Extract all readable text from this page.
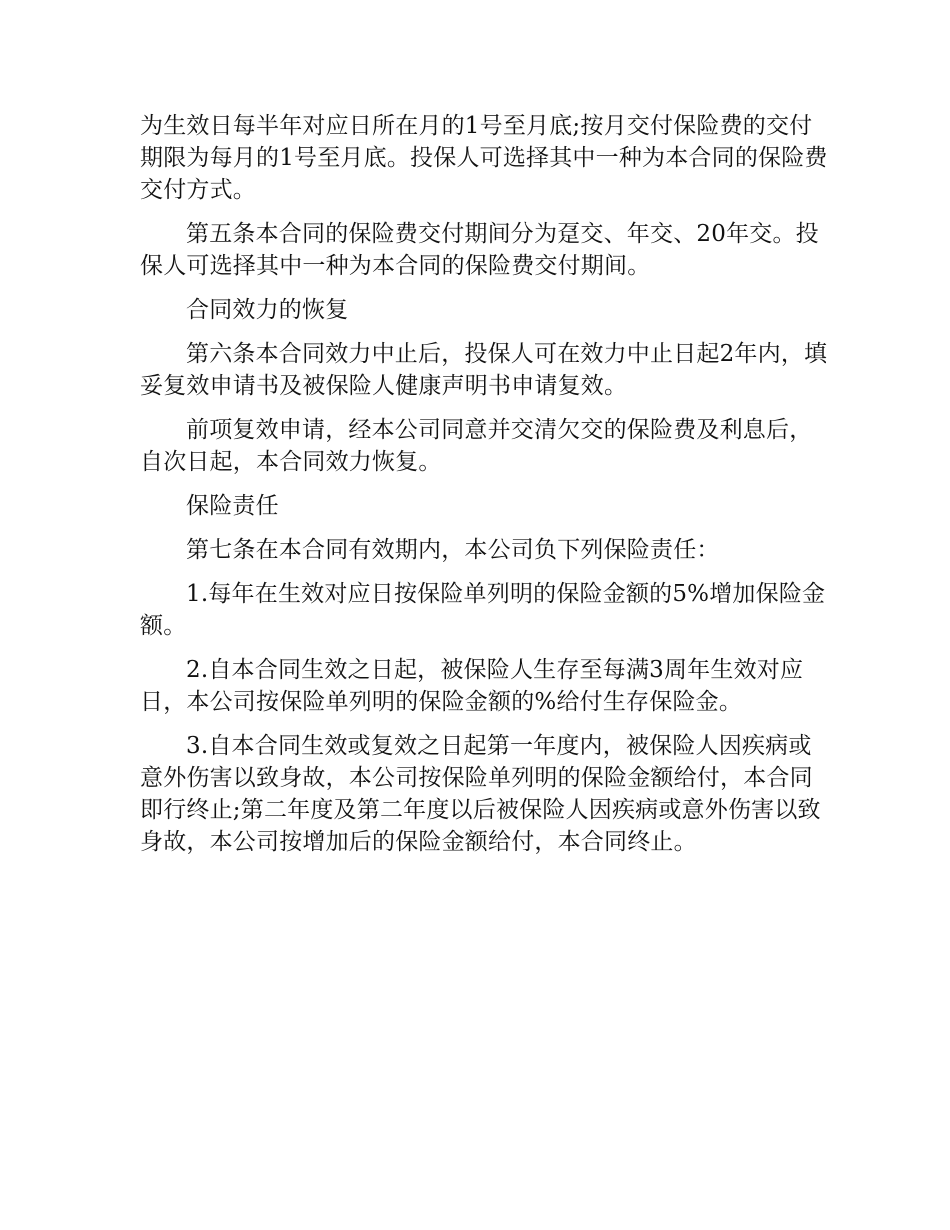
为生效日每半年对应日所在月的1号至月底;按月交付保险费的交付期限为每月的1号至月底。投保人可选择其中一种为本合同的保险费交付方式。

第五条本合同的保险费交付期间分为趸交、年交、20年交。投保人可选择其中一种为本合同的保险费交付期间。

合同效力的恢复

第六条本合同效力中止后，投保人可在效力中止日起2年内，填妥复效申请书及被保险人健康声明书申请复效。

前项复效申请，经本公司同意并交清欠交的保险费及利息后，自次日起，本合同效力恢复。

保险责任

第七条在本合同有效期内，本公司负下列保险责任：

1.每年在生效对应日按保险单列明的保险金额的5%增加保险金额。

2.自本合同生效之日起，被保险人生存至每满3周年生效对应日，本公司按保险单列明的保险金额的%给付生存保险金。

3.自本合同生效或复效之日起第一年度内，被保险人因疾病或意外伤害以致身故，本公司按保险单列明的保险金额给付，本合同即行终止;第二年度及第二年度以后被保险人因疾病或意外伤害以致身故，本公司按增加后的保险金额给付，本合同终止。
